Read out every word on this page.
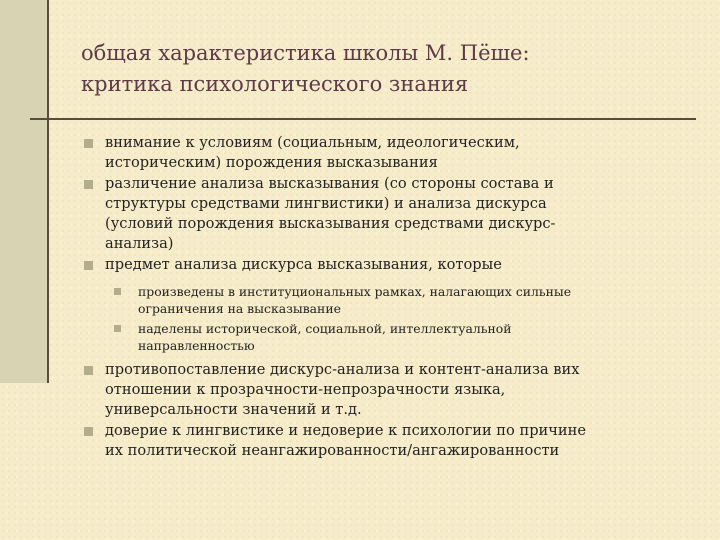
общая характеристика школы М. Пёше:
критика психологического знания
внимание к условиям (социальным, идеологическим,
историческим) порождения высказывания
различение анализа высказывания (со стороны состава и
структуры средствами лингвистики) и анализа дискурса
(условий порождения высказывания средствами дискурс-
анализа)
предмет анализа дискурса высказывания, которые
произведены в институциональных рамках, налагающих сильные
ограничения на высказывание
наделены исторической, социальной, интеллектуальной
направленностью
противопоставление дискурс-анализа и контент-анализа вих
отношении к прозрачности-непрозрачности языка,
универсальности значений и т.д.
доверие к лингвистике и недоверие к психологии по причине
их политической неангажированности/ангажированности
